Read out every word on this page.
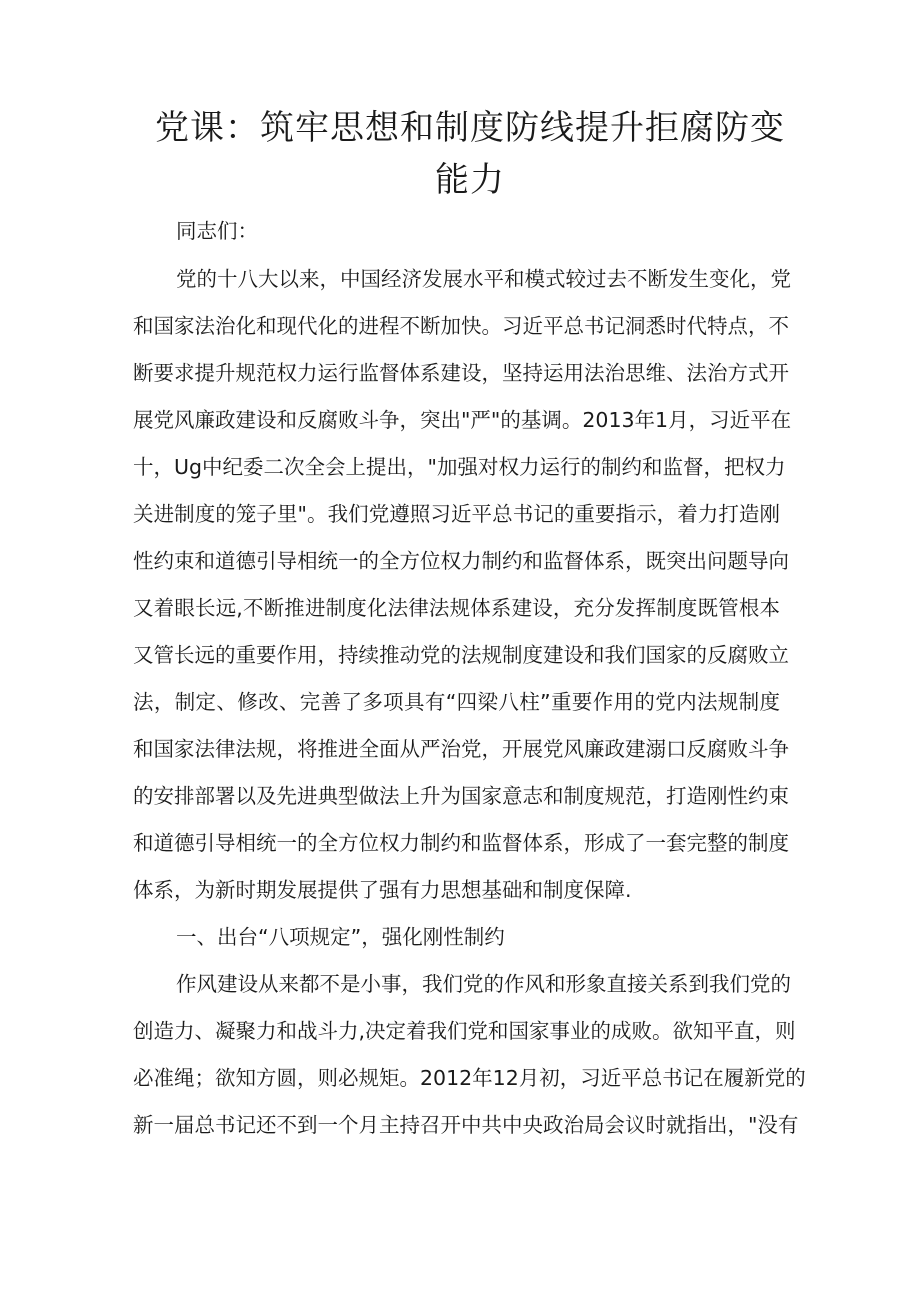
党课：筑牢思想和制度防线提升拒腐防变
能力
同志们：
党的十八大以来，中国经济发展水平和模式较过去不断发生变化，党
和国家法治化和现代化的进程不断加快。习近平总书记洞悉时代特点，不
断要求提升规范权力运行监督体系建设，坚持运用法治思维、法治方式开
展党风廉政建设和反腐败斗争，突出"严"的基调。2013年1月，习近平在
十，Ug中纪委二次全会上提出，"加强对权力运行的制约和监督，把权力
关进制度的笼子里"。我们党遵照习近平总书记的重要指示，着力打造刚
性约束和道德引导相统一的全方位权力制约和监督体系，既突出问题导向
又着眼长远,不断推进制度化法律法规体系建设，充分发挥制度既管根本
又管长远的重要作用，持续推动党的法规制度建设和我们国家的反腐败立
法，制定、修改、完善了多项具有“四梁八柱”重要作用的党内法规制度
和国家法律法规，将推进全面从严治党，开展党风廉政建溺口反腐败斗争
的安排部署以及先进典型做法上升为国家意志和制度规范，打造刚性约束
和道德引导相统一的全方位权力制约和监督体系，形成了一套完整的制度
体系，为新时期发展提供了强有力思想基础和制度保障.
一、出台“八项规定”，强化刚性制约
作风建设从来都不是小事，我们党的作风和形象直接关系到我们党的
创造力、凝聚力和战斗力,决定着我们党和国家事业的成败。欲知平直，则
必准绳；欲知方圆，则必规矩。2012年12月初，习近平总书记在履新党的
新一届总书记还不到一个月主持召开中共中央政治局会议时就指出，"没有
